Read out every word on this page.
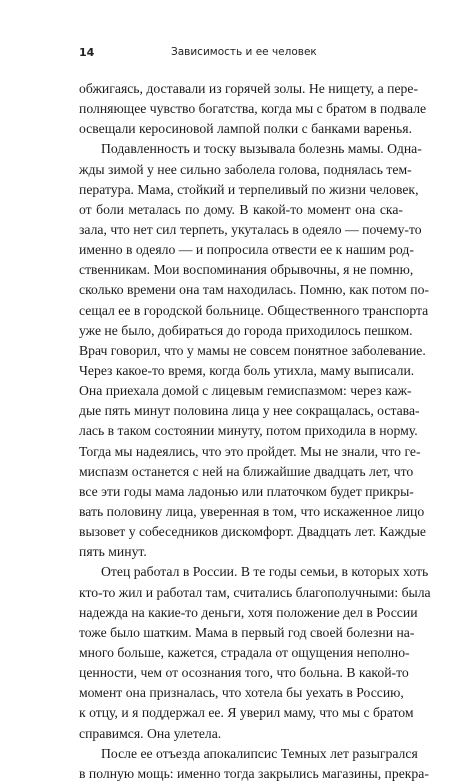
14	Зависимость и ее человек
обжигаясь, доставали из горячей золы. Не нищету, а пере-
полняющее чувство богатства, когда мы с братом в подвале
освещали керосиновой лампой полки с банками варенья.
Подавленность и тоску вызывала болезнь мамы. Одна-
жды зимой у нее сильно заболела голова, поднялась тем-
пература. Мама, стойкий и терпеливый по жизни человек,
от боли металась по дому. В какой-то момент она ска-
зала, что нет сил терпеть, укуталась в одеяло — почему-то
именно в одеяло — и попросила отвести ее к нашим род-
ственникам. Мои воспоминания обрывочны, я не помню,
сколько времени она там находилась. Помню, как потом по-
сещал ее в городской больнице. Общественного транспорта
уже не было, добираться до города приходилось пешком.
Врач говорил, что у мамы не совсем понятное заболевание.
Через какое-то время, когда боль утихла, маму выписали.
Она приехала домой с лицевым гемиспазмом: через каж-
дые пять минут половина лица у нее сокращалась, остава-
лась в таком состоянии минуту, потом приходила в норму.
Тогда мы надеялись, что это пройдет. Мы не знали, что ге-
миспазм останется с ней на ближайшие двадцать лет, что
все эти годы мама ладонью или платочком будет прикры-
вать половину лица, уверенная в том, что искаженное лицо
вызовет у собеседников дискомфорт. Двадцать лет. Каждые
пять минут.
Отец работал в России. В те годы семьи, в которых хоть
кто-то жил и работал там, считались благополучными: была
надежда на какие-то деньги, хотя положение дел в России
тоже было шатким. Мама в первый год своей болезни на-
много больше, кажется, страдала от ощущения неполно-
ценности, чем от осознания того, что больна. В какой-то
момент она призналась, что хотела бы уехать в Россию,
к отцу, и я поддержал ее. Я уверил маму, что мы с братом
справимся. Она улетела.
После ее отъезда апокалипсис Темных лет разыгрался
в полную мощь: именно тогда закрылись магазины, прекра-
